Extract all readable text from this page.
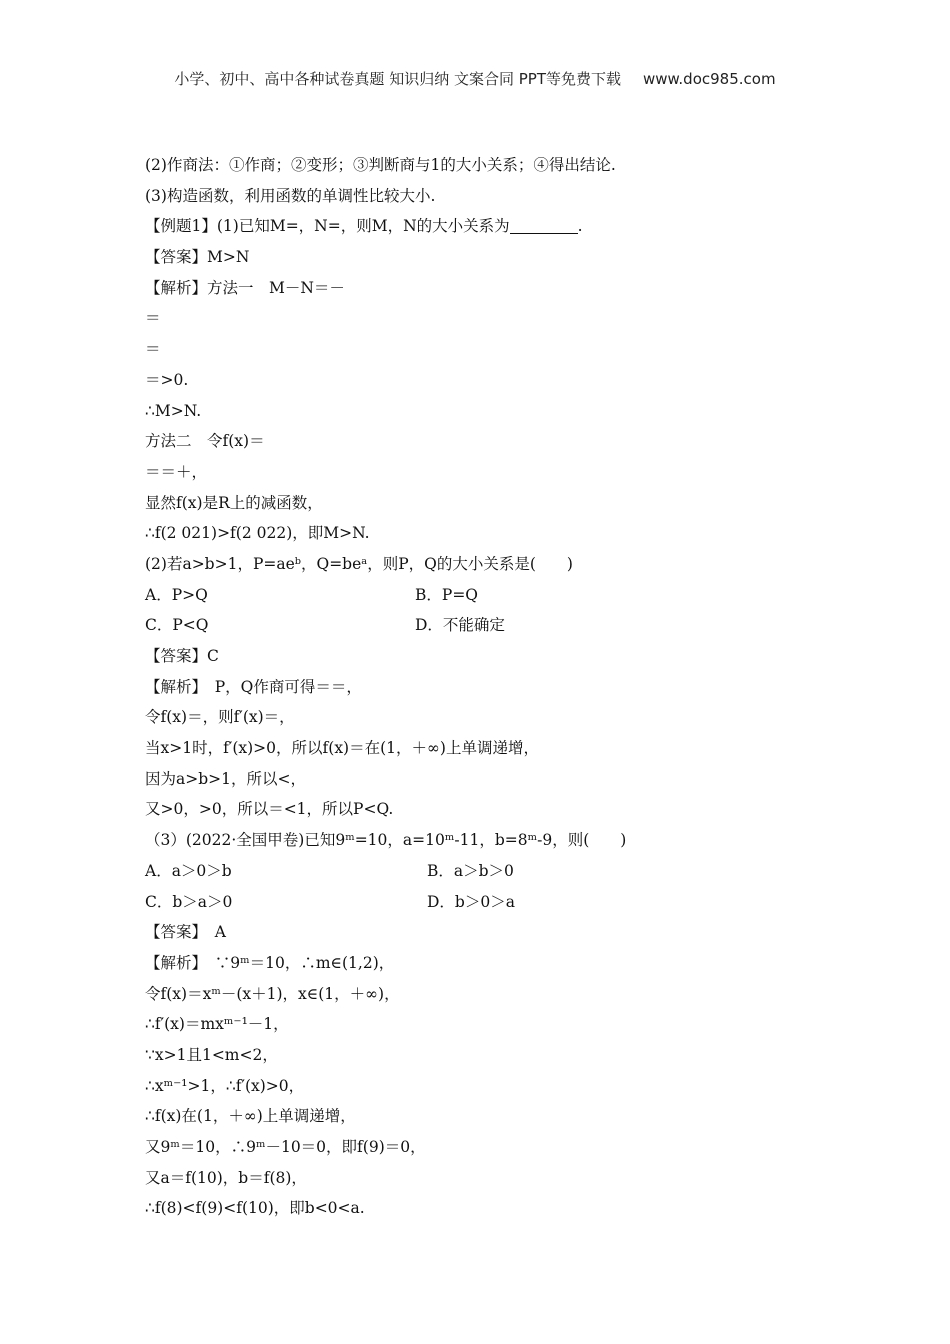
小学、初中、高中各种试卷真题 知识归纳 文案合同 PPT等免费下载 www.doc985.com
(2)作商法：①作商；②变形；③判断商与1的大小关系；④得出结论.
(3)构造函数，利用函数的单调性比较大小.
【例题1】(1)已知M=，N=，则M，N的大小关系为	.
【答案】M>N
【解析】方法一　M－N＝－
＝
＝
＝>0.
∴M>N.
方法二　令f(x)＝
＝＝＋，
显然f(x)是R上的减函数，
∴f(2 021)>f(2 022)，即M>N.
(2)若a>b>1，P=aeᵇ，Q=beᵃ，则P，Q的大小关系是(　　)
A．P>Q	B．P=Q
C．P<Q	D．不能确定
【答案】C
【解析】　P，Q作商可得＝＝，
令f(x)＝，则f′(x)＝，
当x>1时，f′(x)>0，所以f(x)＝在(1，＋∞)上单调递增，
因为a>b>1，所以<，
又>0，>0，所以＝<1，所以P<Q.
（3）(2022·全国甲卷)已知9ᵐ=10，a=10ᵐ-11，b=8ᵐ-9，则(　　)
A．a＞0＞b	B．a＞b＞0
C．b＞a＞0	D．b＞0＞a
【答案】　A
【解析】　∵9ᵐ＝10，∴m∈(1,2)，
令f(x)＝xᵐ－(x＋1)，x∈(1，＋∞)，
∴f′(x)＝mxᵐ⁻¹－1，
∵x>1且1<m<2，
∴xᵐ⁻¹>1，∴f′(x)>0，
∴f(x)在(1，＋∞)上单调递增，
又9ᵐ＝10，∴9ᵐ－10＝0，即f(9)＝0，
又a＝f(10)，b＝f(8)，
∴f(8)<f(9)<f(10)，即b<0<a.
